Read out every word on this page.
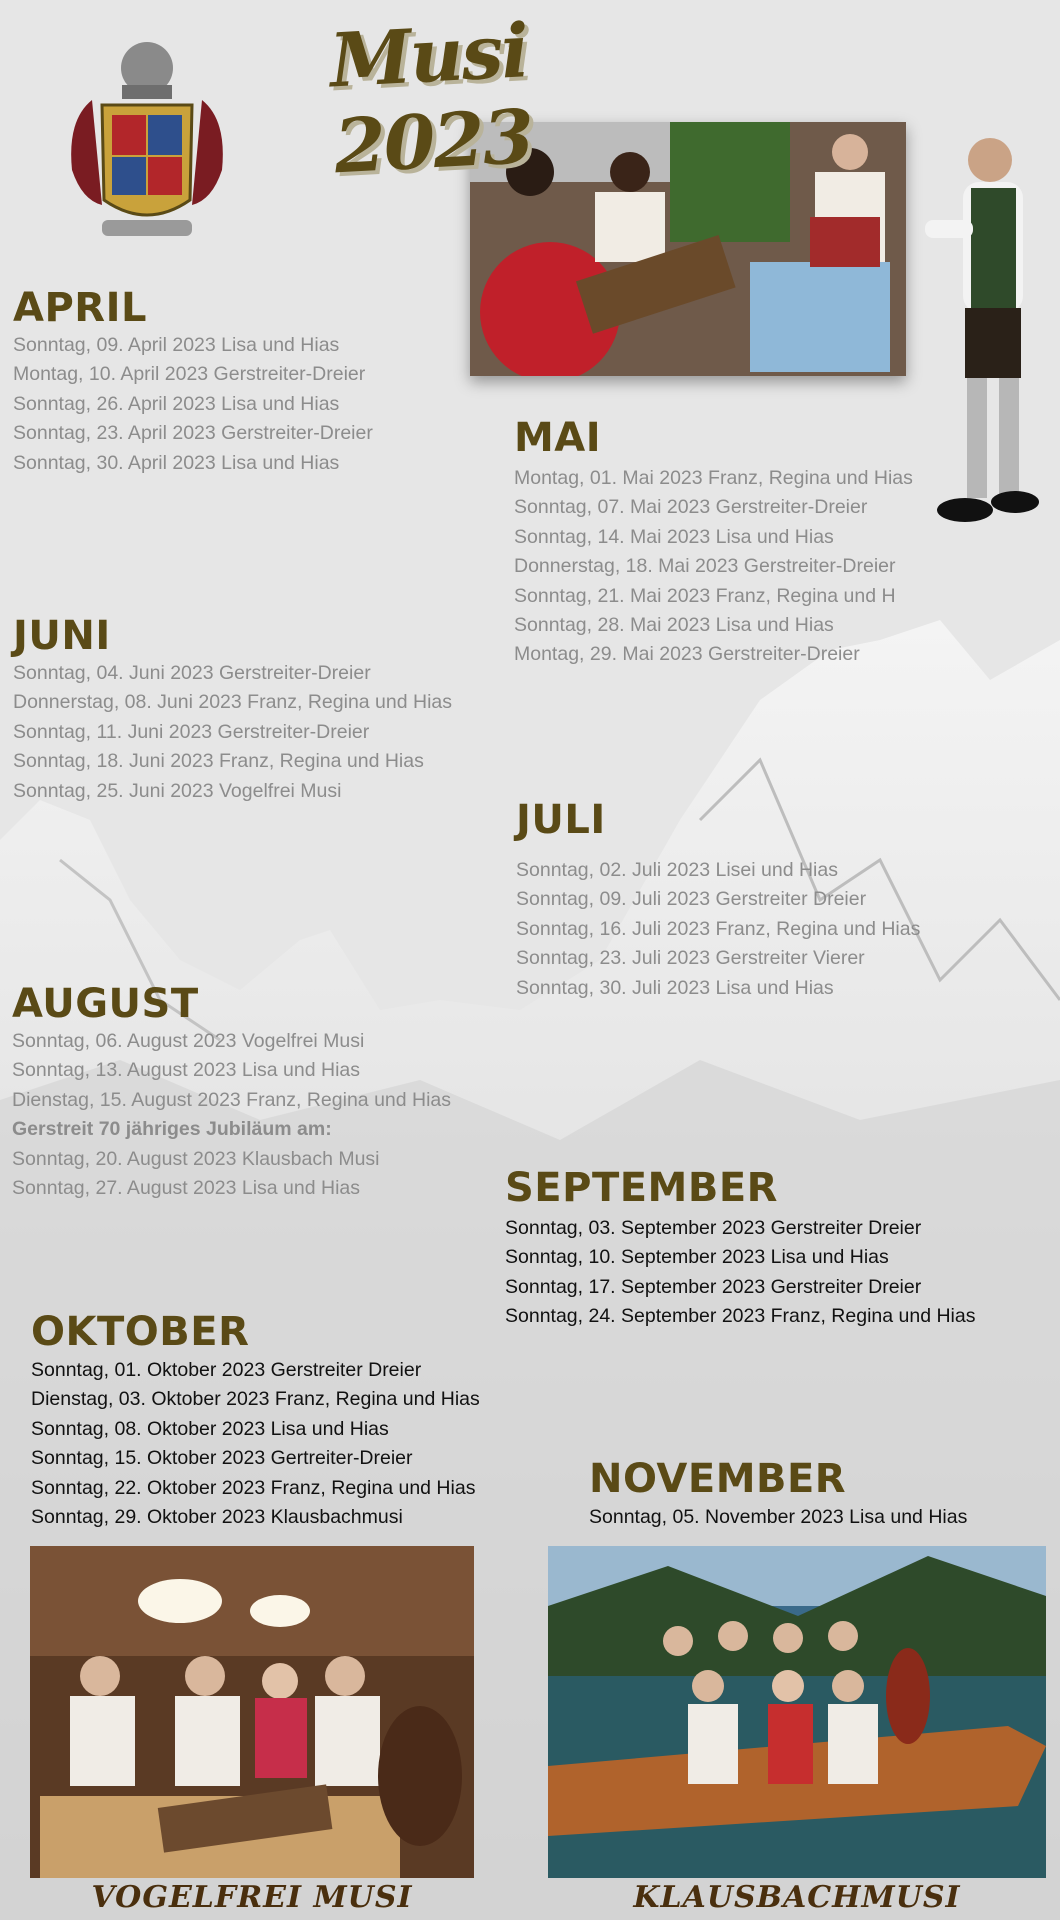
Musi 2023
APRIL
Sonntag, 09. April 2023 Lisa und Hias
Montag, 10. April 2023 Gerstreiter-Dreier
Sonntag, 26. April 2023 Lisa und Hias
Sonntag, 23. April 2023 Gerstreiter-Dreier
Sonntag, 30. April 2023 Lisa und Hias
MAI
Montag, 01. Mai 2023 Franz, Regina und Hias
Sonntag, 07. Mai 2023 Gerstreiter-Dreier
Sonntag, 14. Mai 2023 Lisa und Hias
Donnerstag, 18. Mai 2023 Gerstreiter-Dreier
Sonntag, 21. Mai 2023 Franz, Regina und H
Sonntag, 28. Mai 2023 Lisa und Hias
Montag, 29. Mai 2023 Gerstreiter-Dreier
JUNI
Sonntag, 04. Juni 2023 Gerstreiter-Dreier
Donnerstag, 08. Juni 2023 Franz, Regina und Hias
Sonntag, 11. Juni 2023 Gerstreiter-Dreier
Sonntag, 18. Juni 2023 Franz, Regina und Hias
Sonntag, 25. Juni 2023 Vogelfrei Musi
JULI
Sonntag, 02. Juli 2023 Lisei und Hias
Sonntag, 09. Juli 2023 Gerstreiter Dreier
Sonntag, 16. Juli 2023 Franz, Regina und Hias
Sonntag, 23. Juli 2023 Gerstreiter Vierer
Sonntag, 30. Juli 2023 Lisa und Hias
AUGUST
Sonntag, 06. August 2023 Vogelfrei Musi
Sonntag, 13. August 2023 Lisa und Hias
Dienstag, 15. August 2023 Franz, Regina und Hias
Gerstreit 70 jähriges Jubiläum am:
Sonntag, 20. August 2023 Klausbach Musi
Sonntag, 27. August 2023 Lisa und Hias	SEPTEMBER
Sonntag, 03. September 2023 Gerstreiter Dreier
Sonntag, 10. September 2023 Lisa und Hias
Sonntag, 17. September 2023 Gerstreiter Dreier
Sonntag, 24. September 2023 Franz, Regina und Hias
OKTOBER
Sonntag, 01. Oktober 2023 Gerstreiter Dreier
Dienstag, 03. Oktober 2023 Franz, Regina und Hias
Sonntag, 08. Oktober 2023 Lisa und Hias
Sonntag, 15. Oktober 2023 Gertreiter-Dreier
Sonntag, 22. Oktober 2023 Franz, Regina und Hias
Sonntag, 29. Oktober 2023 Klausbachmusi
NOVEMBER
Sonntag, 05. November 2023 Lisa und Hias
VOGELFREI MUSI	KLAUSBACHMUSI
